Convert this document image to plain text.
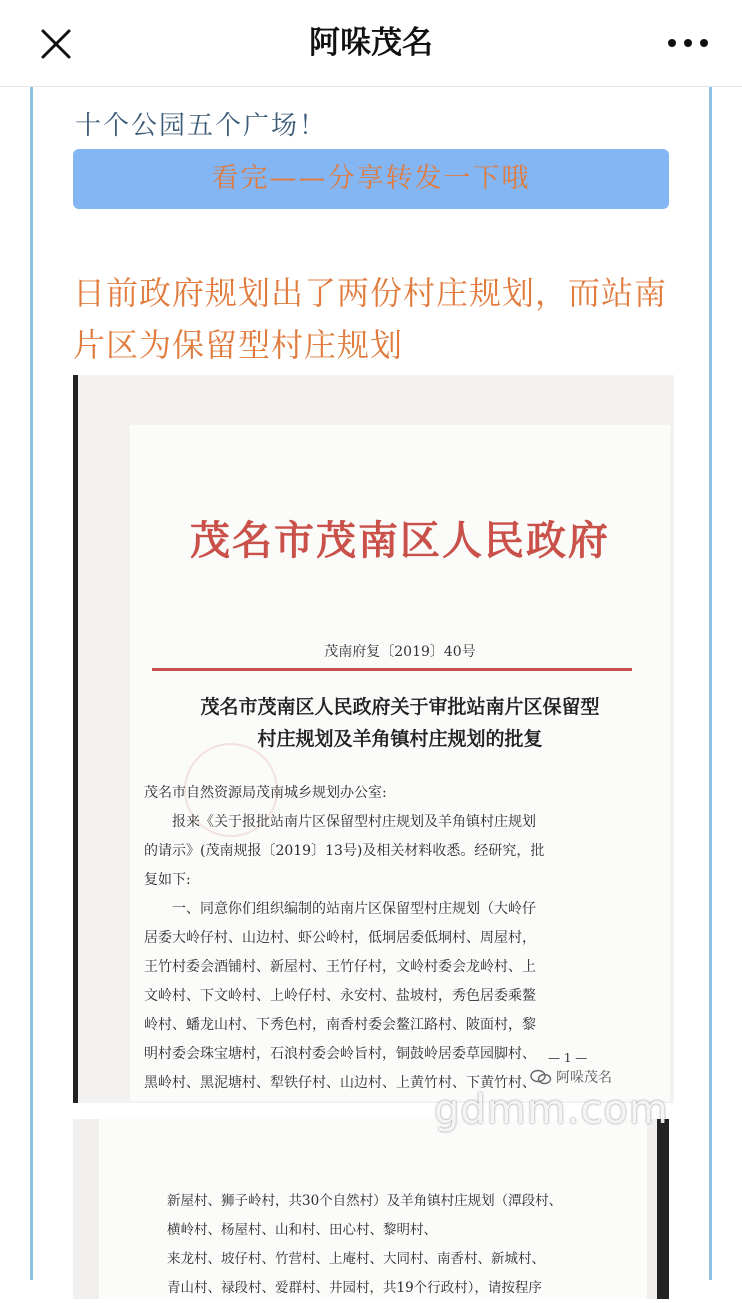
阿哚茂名
十个公园五个广场！
看完——分享转发一下哦
日前政府规划出了两份村庄规划，而站南片区为保留型村庄规划
茂名市茂南区人民政府
茂南府复〔2019〕40号
茂名市茂南区人民政府关于审批站南片区保留型
村庄规划及羊角镇村庄规划的批复

茂名市自然资源局茂南城乡规划办公室:

报来《关于报批站南片区保留型村庄规划及羊角镇村庄规划

的请示》(茂南规报〔2019〕13号)及相关材料收悉。经研究，批

复如下:

一、同意你们组织编制的站南片区保留型村庄规划（大岭仔

居委大岭仔村、山边村、虾公岭村，低垌居委低垌村、周屋村，

王竹村委会酒铺村、新屋村、王竹仔村，文岭村委会龙岭村、上

文岭村、下文岭村、上岭仔村、永安村、盐坡村，秀色居委乘鳌

岭村、蟠龙山村、下秀色村，南香村委会鳌江路村、陂面村，黎

明村委会珠宝塘村，石浪村委会岭旨村，铜鼓岭居委草园脚村、

黑岭村、黑泥塘村、犁铁仔村、山边村、上黄竹村、下黄竹村、

— 1 —
阿哚茂名

新屋村、狮子岭村，共30个自然村）及羊角镇村庄规划（潭段村、

横岭村、杨屋村、山和村、田心村、黎明村、

来龙村、坡仔村、竹营村、上庵村、大同村、南香村、新城村、

青山村、禄段村、爱群村、井园村，共19个行政村），请按程序

gdmm.com
